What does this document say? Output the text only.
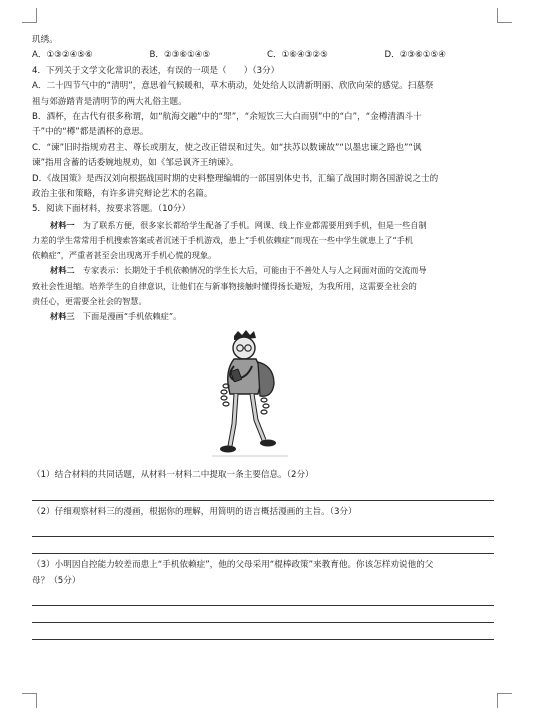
玑绣。
A．①③②④⑤⑥	B．②③⑥①④⑤	C．①⑥④③②⑤	D．②③⑥①⑤④
4．下列关于文学文化常识的表述，有误的一项是（　　）（3分）
A．二十四节气中的“清明”，意思着气候暖和，草木萌动，处处给人以清新明丽、欣欣向荣的感觉。扫墓祭
祖与郊游踏青是清明节的两大礼俗主题。
B．酒杯，在古代有很多称谓，如“航海交融”中的“斝”，“余短饮三大白而别”中的“白”，“金樽清酒斗十
千”中的“樽”都是酒杯的意思。
C．“谏”旧时指规劝君主、尊长或朋友，使之改正错误和过失。如“扶苏以数谏故”“以墨忠谏之路也”“讽
谏”指用含蓄的话委婉地规劝，如《邹忌讽齐王纳谏》。
D．《战国策》是西汉刘向根据战国时期的史料整理编辑的一部国别体史书，汇编了战国时期各国游说之士的
政治主张和策略，有许多讲究辩论艺术的名篇。
5．阅读下面材料，按要求答题。（10分）
材料一　为了联系方便，很多家长都给学生配备了手机。网课、线上作业都需要用到手机，但是一些自制
力差的学生常常用手机搜索答案或者沉迷于手机游戏，患上“手机依赖症”而现在一些中学生就患上了“手机
依赖症”，严重者甚至会出现离开手机心慌的现象。
材料二　专家表示：长期处于手机依赖情况的学生长大后，可能由于不善处人与人之间面对面的交流而导
致社会性退缩。培养学生的自律意识，让他们在与新事物接触时懂得扬长避短，为我所用，这需要全社会的
责任心，更需要全社会的智慧。
材料三　下面是漫画“手机依赖症”。
（1）结合材料的共同话题，从材料一材料二中提取一条主要信息。（2分）
（2）仔细观察材料三的漫画，根据你的理解，用简明的语言概括漫画的主旨。（3分）
（3）小明因自控能力较差而患上“手机依赖症”，他的父母采用“棍棒政策”来教育他。你该怎样劝说他的父
母？（5分）
